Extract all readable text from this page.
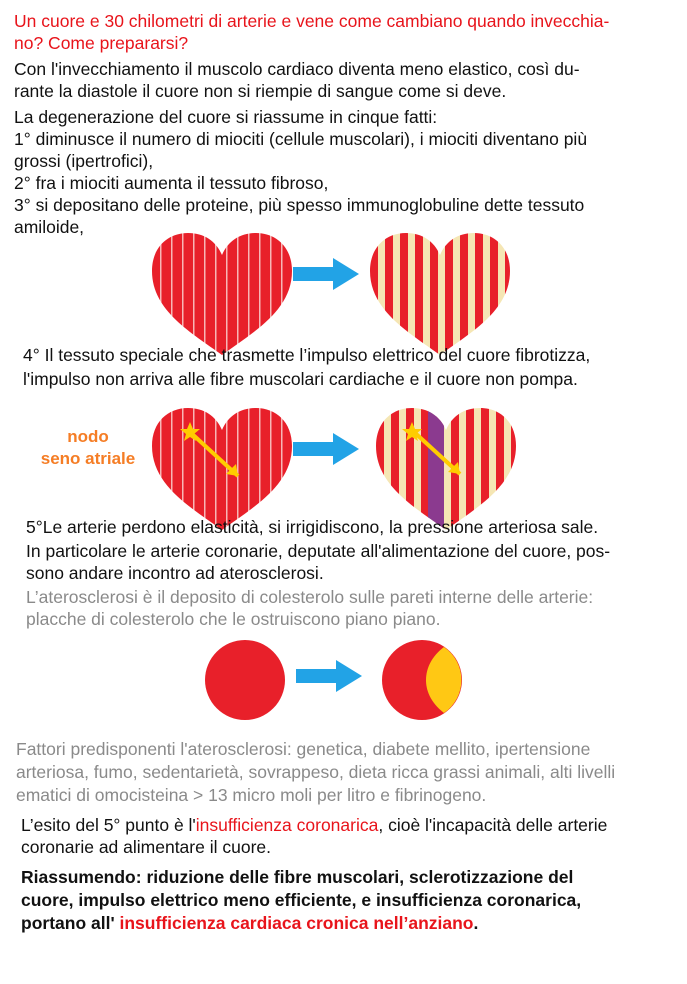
Un cuore e 30 chilometri di arterie e vene come cambiano quando invecchia-

no? Come prepararsi?

Con l'invecchiamento il muscolo cardiaco diventa meno elastico, così du-

rante la diastole il cuore non si riempie di sangue come si deve.

La degenerazione del cuore si riassume in cinque fatti:

1° diminusce il numero di miociti (cellule muscolari), i miociti diventano più

grossi (ipertrofici),

2° fra i miociti aumenta il tessuto fibroso,

3° si depositano delle proteine, più spesso immunoglobuline dette tessuto

amiloide,

4° Il tessuto speciale che trasmette l’impulso elettrico del cuore fibrotizza,

l'impulso non arriva alle fibre muscolari cardiache e il cuore non pompa.

nodo
seno atriale

5°Le arterie perdono elasticità, si irrigidiscono, la pressione arteriosa sale.

In particolare le arterie coronarie, deputate all'alimentazione del cuore, pos-

sono andare incontro ad aterosclerosi.

L’aterosclerosi è il deposito di colesterolo sulle pareti interne delle arterie:

placche di colesterolo che le ostruiscono piano piano.

Fattori predisponenti l'aterosclerosi: genetica, diabete mellito, ipertensione

arteriosa, fumo, sedentarietà, sovrappeso, dieta ricca grassi animali, alti livelli

ematici di omocisteina > 13 micro moli per litro e fibrinogeno.

L’esito del 5° punto è l'insufficienza coronarica, cioè l'incapacità delle arterie

coronarie ad alimentare il cuore.

Riassumendo: riduzione delle fibre muscolari, sclerotizzazione del

cuore, impulso elettrico meno efficiente, e insufficienza coronarica,

portano all' insufficienza cardiaca cronica nell’anziano.
